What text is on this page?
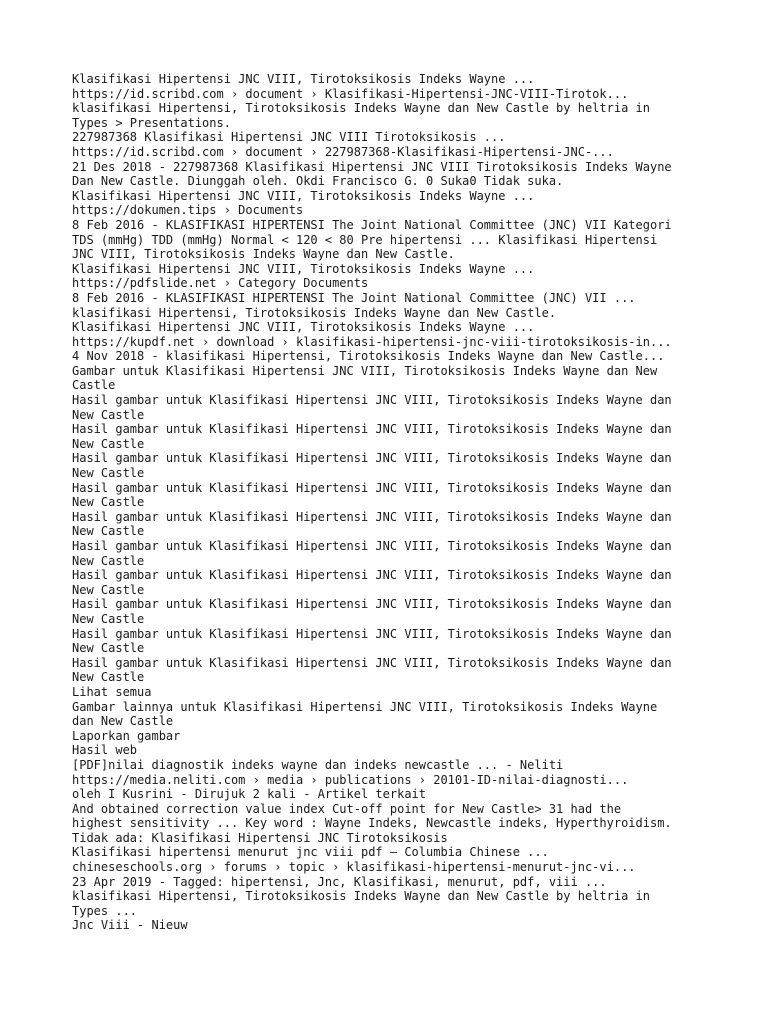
Klasifikasi Hipertensi JNC VIII, Tirotoksikosis Indeks Wayne ...
https://id.scribd.com › document › Klasifikasi-Hipertensi-JNC-VIII-Tirotok...
klasifikasi Hipertensi, Tirotoksikosis Indeks Wayne dan New Castle by heltria in
Types > Presentations.
227987368 Klasifikasi Hipertensi JNC VIII Tirotoksikosis ...
https://id.scribd.com › document › 227987368-Klasifikasi-Hipertensi-JNC-...
21 Des 2018 - 227987368 Klasifikasi Hipertensi JNC VIII Tirotoksikosis Indeks Wayne
Dan New Castle. Diunggah oleh. Okdi Francisco G. 0 Suka0 Tidak suka.
Klasifikasi Hipertensi JNC VIII, Tirotoksikosis Indeks Wayne ...
https://dokumen.tips › Documents
8 Feb 2016 - KLASIFIKASI HIPERTENSI The Joint National Committee (JNC) VII Kategori
TDS (mmHg) TDD (mmHg) Normal < 120 < 80 Pre hipertensi ... Klasifikasi Hipertensi
JNC VIII, Tirotoksikosis Indeks Wayne dan New Castle.
Klasifikasi Hipertensi JNC VIII, Tirotoksikosis Indeks Wayne ...
https://pdfslide.net › Category Documents
8 Feb 2016 - KLASIFIKASI HIPERTENSI The Joint National Committee (JNC) VII ...
klasifikasi Hipertensi, Tirotoksikosis Indeks Wayne dan New Castle.
Klasifikasi Hipertensi JNC VIII, Tirotoksikosis Indeks Wayne ...
https://kupdf.net › download › klasifikasi-hipertensi-jnc-viii-tirotoksikosis-in...
4 Nov 2018 - klasifikasi Hipertensi, Tirotoksikosis Indeks Wayne dan New Castle...
Gambar untuk Klasifikasi Hipertensi JNC VIII, Tirotoksikosis Indeks Wayne dan New
Castle
Hasil gambar untuk Klasifikasi Hipertensi JNC VIII, Tirotoksikosis Indeks Wayne dan
New Castle
Hasil gambar untuk Klasifikasi Hipertensi JNC VIII, Tirotoksikosis Indeks Wayne dan
New Castle
Hasil gambar untuk Klasifikasi Hipertensi JNC VIII, Tirotoksikosis Indeks Wayne dan
New Castle
Hasil gambar untuk Klasifikasi Hipertensi JNC VIII, Tirotoksikosis Indeks Wayne dan
New Castle
Hasil gambar untuk Klasifikasi Hipertensi JNC VIII, Tirotoksikosis Indeks Wayne dan
New Castle
Hasil gambar untuk Klasifikasi Hipertensi JNC VIII, Tirotoksikosis Indeks Wayne dan
New Castle
Hasil gambar untuk Klasifikasi Hipertensi JNC VIII, Tirotoksikosis Indeks Wayne dan
New Castle
Hasil gambar untuk Klasifikasi Hipertensi JNC VIII, Tirotoksikosis Indeks Wayne dan
New Castle
Hasil gambar untuk Klasifikasi Hipertensi JNC VIII, Tirotoksikosis Indeks Wayne dan
New Castle
Hasil gambar untuk Klasifikasi Hipertensi JNC VIII, Tirotoksikosis Indeks Wayne dan
New Castle
Lihat semua
Gambar lainnya untuk Klasifikasi Hipertensi JNC VIII, Tirotoksikosis Indeks Wayne
dan New Castle
Laporkan gambar
Hasil web
[PDF]nilai diagnostik indeks wayne dan indeks newcastle ... - Neliti
https://media.neliti.com › media › publications › 20101-ID-nilai-diagnosti...
oleh I Kusrini - Dirujuk 2 kali - Artikel terkait
And obtained correction value index Cut-off point for New Castle> 31 had the
highest sensitivity ... Key word : Wayne Indeks, Newcastle indeks, Hyperthyroidism.
Tidak ada: Klasifikasi Hipertensi JNC Tirotoksikosis
Klasifikasi hipertensi menurut jnc viii pdf – Columbia Chinese ...
chineseschools.org › forums › topic › klasifikasi-hipertensi-menurut-jnc-vi...
23 Apr 2019 - Tagged: hipertensi, Jnc, Klasifikasi, menurut, pdf, viii ...
klasifikasi Hipertensi, Tirotoksikosis Indeks Wayne dan New Castle by heltria in
Types ...
Jnc Viii - Nieuw
